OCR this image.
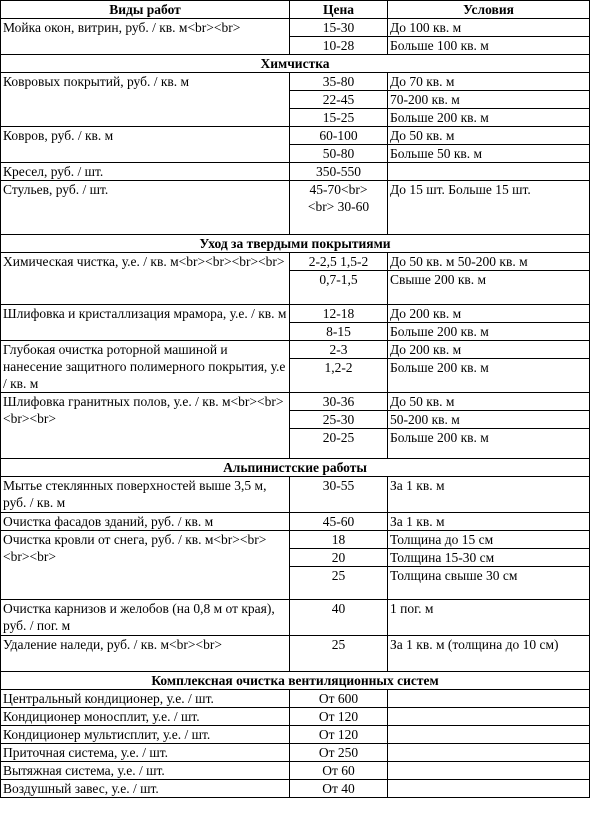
Виды работ	Цена	Условия
Мойка окон, витрин, руб. / кв. м<br><br>	15-30	До 100 кв. м
	10-28	Больше 100 кв. м
Химчистка		
Ковровых покрытий, руб. / кв. м	35-80	До 70 кв. м
	22-45	70-200 кв. м
	15-25	Больше 200 кв. м
Ковров, руб. / кв. м	60-100	До 50 кв. м
	50-80	Больше 50 кв. м
Кресел, руб. / шт.	350-550	
Стульев, руб. / шт.	45-70<br><br> 30-60	До 15 шт. Больше 15 шт.
Уход за твердыми покрытиями		
Химическая чистка, у.е. / кв. м<br><br><br><br>	2-2,5 1,5-2	До 50 кв. м 50-200 кв. м
	0,7-1,5	Свыше 200 кв. м
Шлифовка и кристаллизация мрамора, у.е. / кв. м	12-18	До 200 кв. м
	8-15	Больше 200 кв. м
Глубокая очистка роторной машиной и нанесение защитного полимерного покрытия, у.е / кв. м	2-3	До 200 кв. м
	1,2-2	Больше 200 кв. м
Шлифовка гранитных полов, у.е. / кв. м<br><br> <br><br>	30-36	До 50 кв. м
	25-30	50-200 кв. м
	20-25	Больше 200 кв. м
Альпинистские работы		
Мытье стеклянных поверхностей выше 3,5 м, руб. / кв. м	30-55	За 1 кв. м
Очистка фасадов зданий, руб. / кв. м	45-60	За 1 кв. м
Очистка кровли от снега, руб. / кв. м<br><br> <br><br>	18	Толщина до 15 см
	20	Толщина 15-30 см
	25	Толщина свыше 30 см
Очистка карнизов и желобов (на 0,8 м от края), руб. / пог. м	40	1 пог. м
Удаление наледи, руб. / кв. м<br><br>	25	За 1 кв. м (толщина до 10 см)
Комплексная очистка вентиляционных систем		
Центральный кондиционер, у.е. / шт.	От 600	
Кондиционер моносплит, у.е. / шт.	От 120	
Кондиционер мультисплит, у.е. / шт.	От 120	
Приточная система, у.е. / шт.	От 250	
Вытяжная система, у.е. / шт.	От 60	
Воздушный завес, у.е. / шт.	От 40	
